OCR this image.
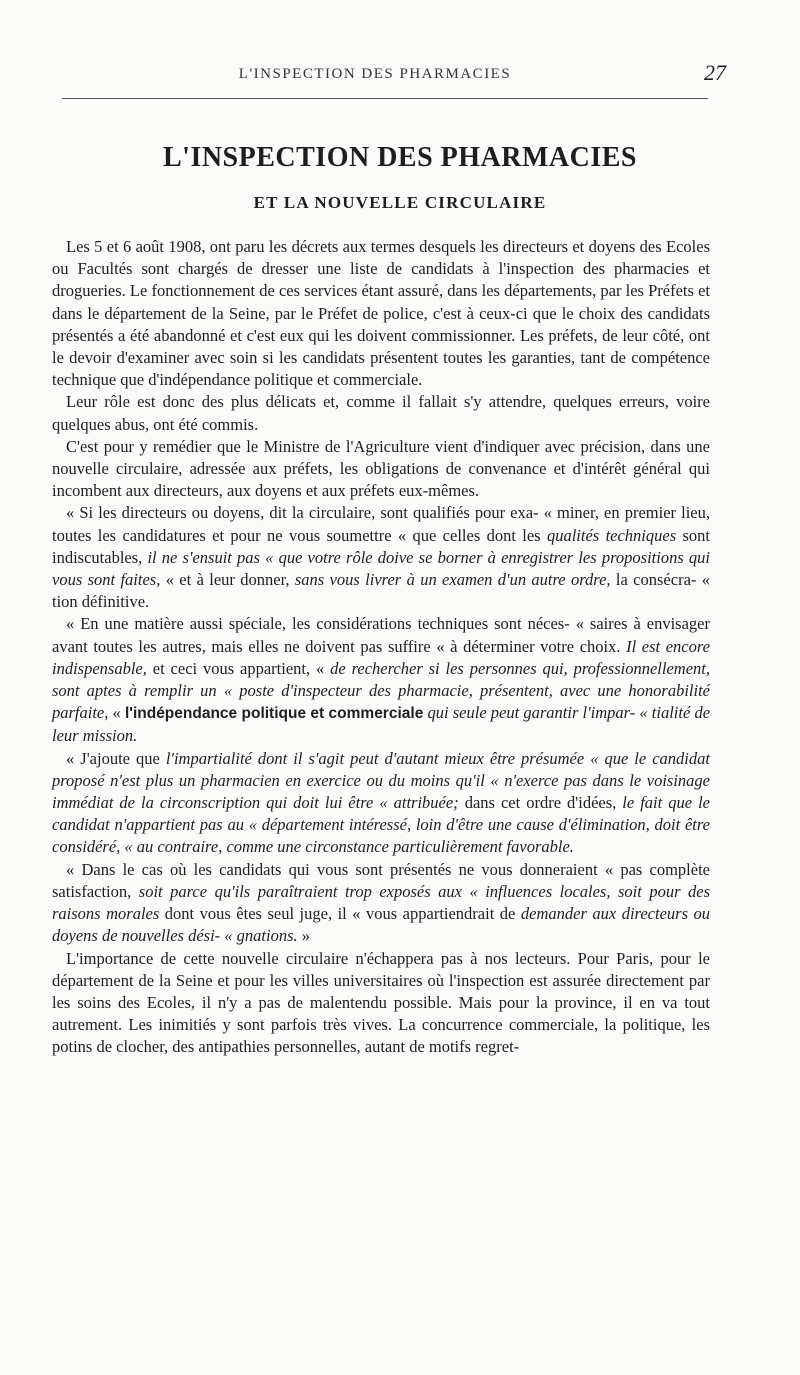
L'INSPECTION DES PHARMACIES	27
L'INSPECTION DES PHARMACIES
ET LA NOUVELLE CIRCULAIRE

Les 5 et 6 août 1908, ont paru les décrets aux termes desquels les directeurs et doyens des Ecoles ou Facultés sont chargés de dresser une liste de candidats à l'inspection des pharmacies et drogueries. Le fonctionnement de ces services étant assuré, dans les départements, par les Préfets et dans le département de la Seine, par le Préfet de police, c'est à ceux-ci que le choix des candidats présentés a été abandonné et c'est eux qui les doivent commissionner. Les préfets, de leur côté, ont le devoir d'examiner avec soin si les candidats présentent toutes les garanties, tant de compétence technique que d'indépendance politique et commerciale.

Leur rôle est donc des plus délicats et, comme il fallait s'y attendre, quelques erreurs, voire quelques abus, ont été commis.

C'est pour y remédier que le Ministre de l'Agriculture vient d'indiquer avec précision, dans une nouvelle circulaire, adressée aux préfets, les obligations de convenance et d'intérêt général qui incombent aux directeurs, aux doyens et aux préfets eux-mêmes.

« Si les directeurs ou doyens, dit la circulaire, sont qualifiés pour exa- « miner, en premier lieu, toutes les candidatures et pour ne vous soumettre « que celles dont les qualités techniques sont indiscutables, il ne s'ensuit pas « que votre rôle doive se borner à enregistrer les propositions qui vous sont faites, « et à leur donner, sans vous livrer à un examen d'un autre ordre, la consécra- « tion définitive.

« En une matière aussi spéciale, les considérations techniques sont néces- « saires à envisager avant toutes les autres, mais elles ne doivent pas suffire « à déterminer votre choix. Il est encore indispensable, et ceci vous appartient, « de rechercher si les personnes qui, professionnellement, sont aptes à remplir un « poste d'inspecteur des pharmacie, présentent, avec une honorabilité parfaite, « l'indépendance politique et commerciale qui seule peut garantir l'impar- « tialité de leur mission.

« J'ajoute que l'impartialité dont il s'agit peut d'autant mieux être présumée « que le candidat proposé n'est plus un pharmacien en exercice ou du moins qu'il « n'exerce pas dans le voisinage immédiat de la circonscription qui doit lui être « attribuée; dans cet ordre d'idées, le fait que le candidat n'appartient pas au « département intéressé, loin d'être une cause d'élimination, doit être considéré, « au contraire, comme une circonstance particulièrement favorable.

« Dans le cas où les candidats qui vous sont présentés ne vous donneraient « pas complète satisfaction, soit parce qu'ils paraîtraient trop exposés aux « influences locales, soit pour des raisons morales dont vous êtes seul juge, il « vous appartiendrait de demander aux directeurs ou doyens de nouvelles dési- « gnations. »

L'importance de cette nouvelle circulaire n'échappera pas à nos lecteurs. Pour Paris, pour le département de la Seine et pour les villes universitaires où l'inspection est assurée directement par les soins des Ecoles, il n'y a pas de malentendu possible. Mais pour la province, il en va tout autrement. Les inimitiés y sont parfois très vives. La concurrence commerciale, la politique, les potins de clocher, des antipathies personnelles, autant de motifs regret-
